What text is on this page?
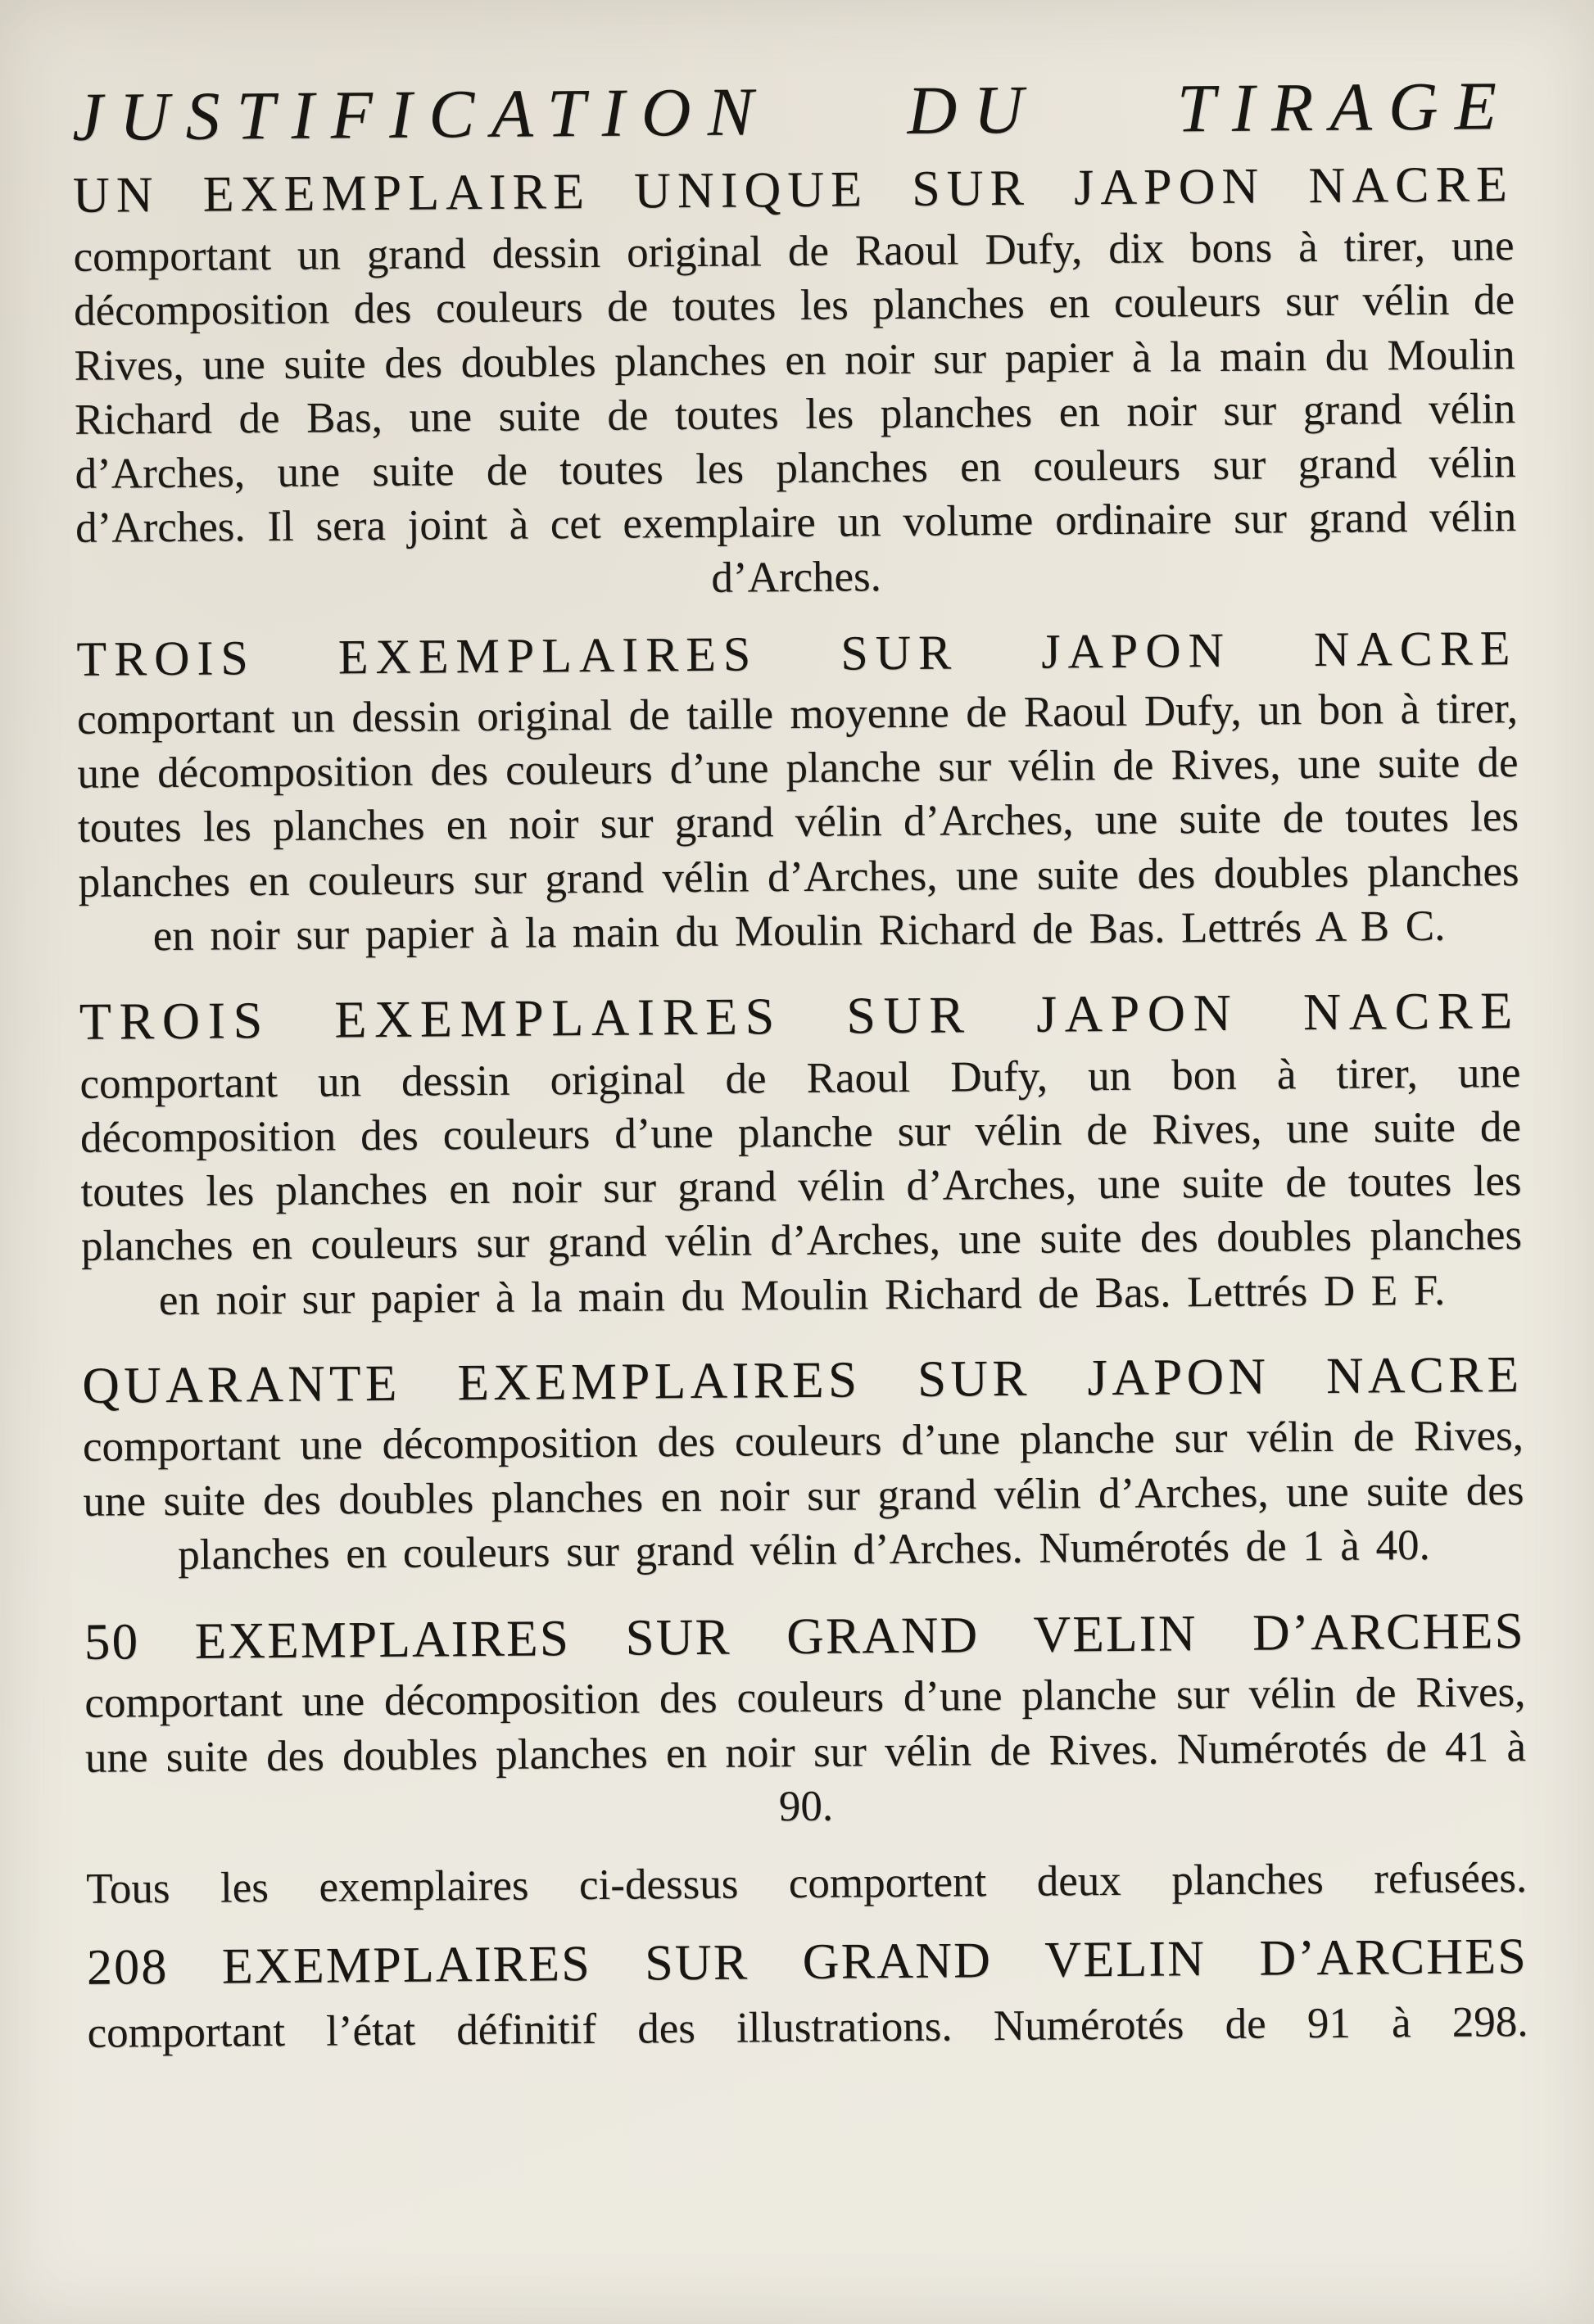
JUSTIFICATION DU TIRAGE
UN EXEMPLAIRE UNIQUE SUR JAPON NACRE
comportant un grand dessin original de Raoul Dufy, dix bons à tirer, une décomposition des couleurs de toutes les planches en couleurs sur vélin de Rives, une suite des doubles planches en noir sur papier à la main du Moulin Richard de Bas, une suite de toutes les planches en noir sur grand vélin d’Arches, une suite de toutes les planches en couleurs sur grand vélin d’Arches. Il sera joint à cet exemplaire un volume ordinaire sur grand vélin d’Arches.
TROIS EXEMPLAIRES SUR JAPON NACRE
comportant un dessin original de taille moyenne de Raoul Dufy, un bon à tirer, une décomposition des couleurs d’une planche sur vélin de Rives, une suite de toutes les planches en noir sur grand vélin d’Arches, une suite de toutes les planches en couleurs sur grand vélin d’Arches, une suite des doubles planches en noir sur papier à la main du Moulin Richard de Bas. Lettrés A B C.
TROIS EXEMPLAIRES SUR JAPON NACRE
comportant un dessin original de Raoul Dufy, un bon à tirer, une décomposition des couleurs d’une planche sur vélin de Rives, une suite de toutes les planches en noir sur grand vélin d’Arches, une suite de toutes les planches en couleurs sur grand vélin d’Arches, une suite des doubles planches en noir sur papier à la main du Moulin Richard de Bas. Lettrés D E F.
QUARANTE EXEMPLAIRES SUR JAPON NACRE
comportant une décomposition des couleurs d’une planche sur vélin de Rives, une suite des doubles planches en noir sur grand vélin d’Arches, une suite des planches en couleurs sur grand vélin d’Arches. Numérotés de 1 à 40.
50 EXEMPLAIRES SUR GRAND VELIN D’ARCHES
comportant une décomposition des couleurs d’une planche sur vélin de Rives, une suite des doubles planches en noir sur vélin de Rives. Numérotés de 41 à 90.
Tous les exemplaires ci-dessus comportent deux planches refusées.
208 EXEMPLAIRES SUR GRAND VELIN D’ARCHES
comportant l’état définitif des illustrations. Numérotés de 91 à 298.
